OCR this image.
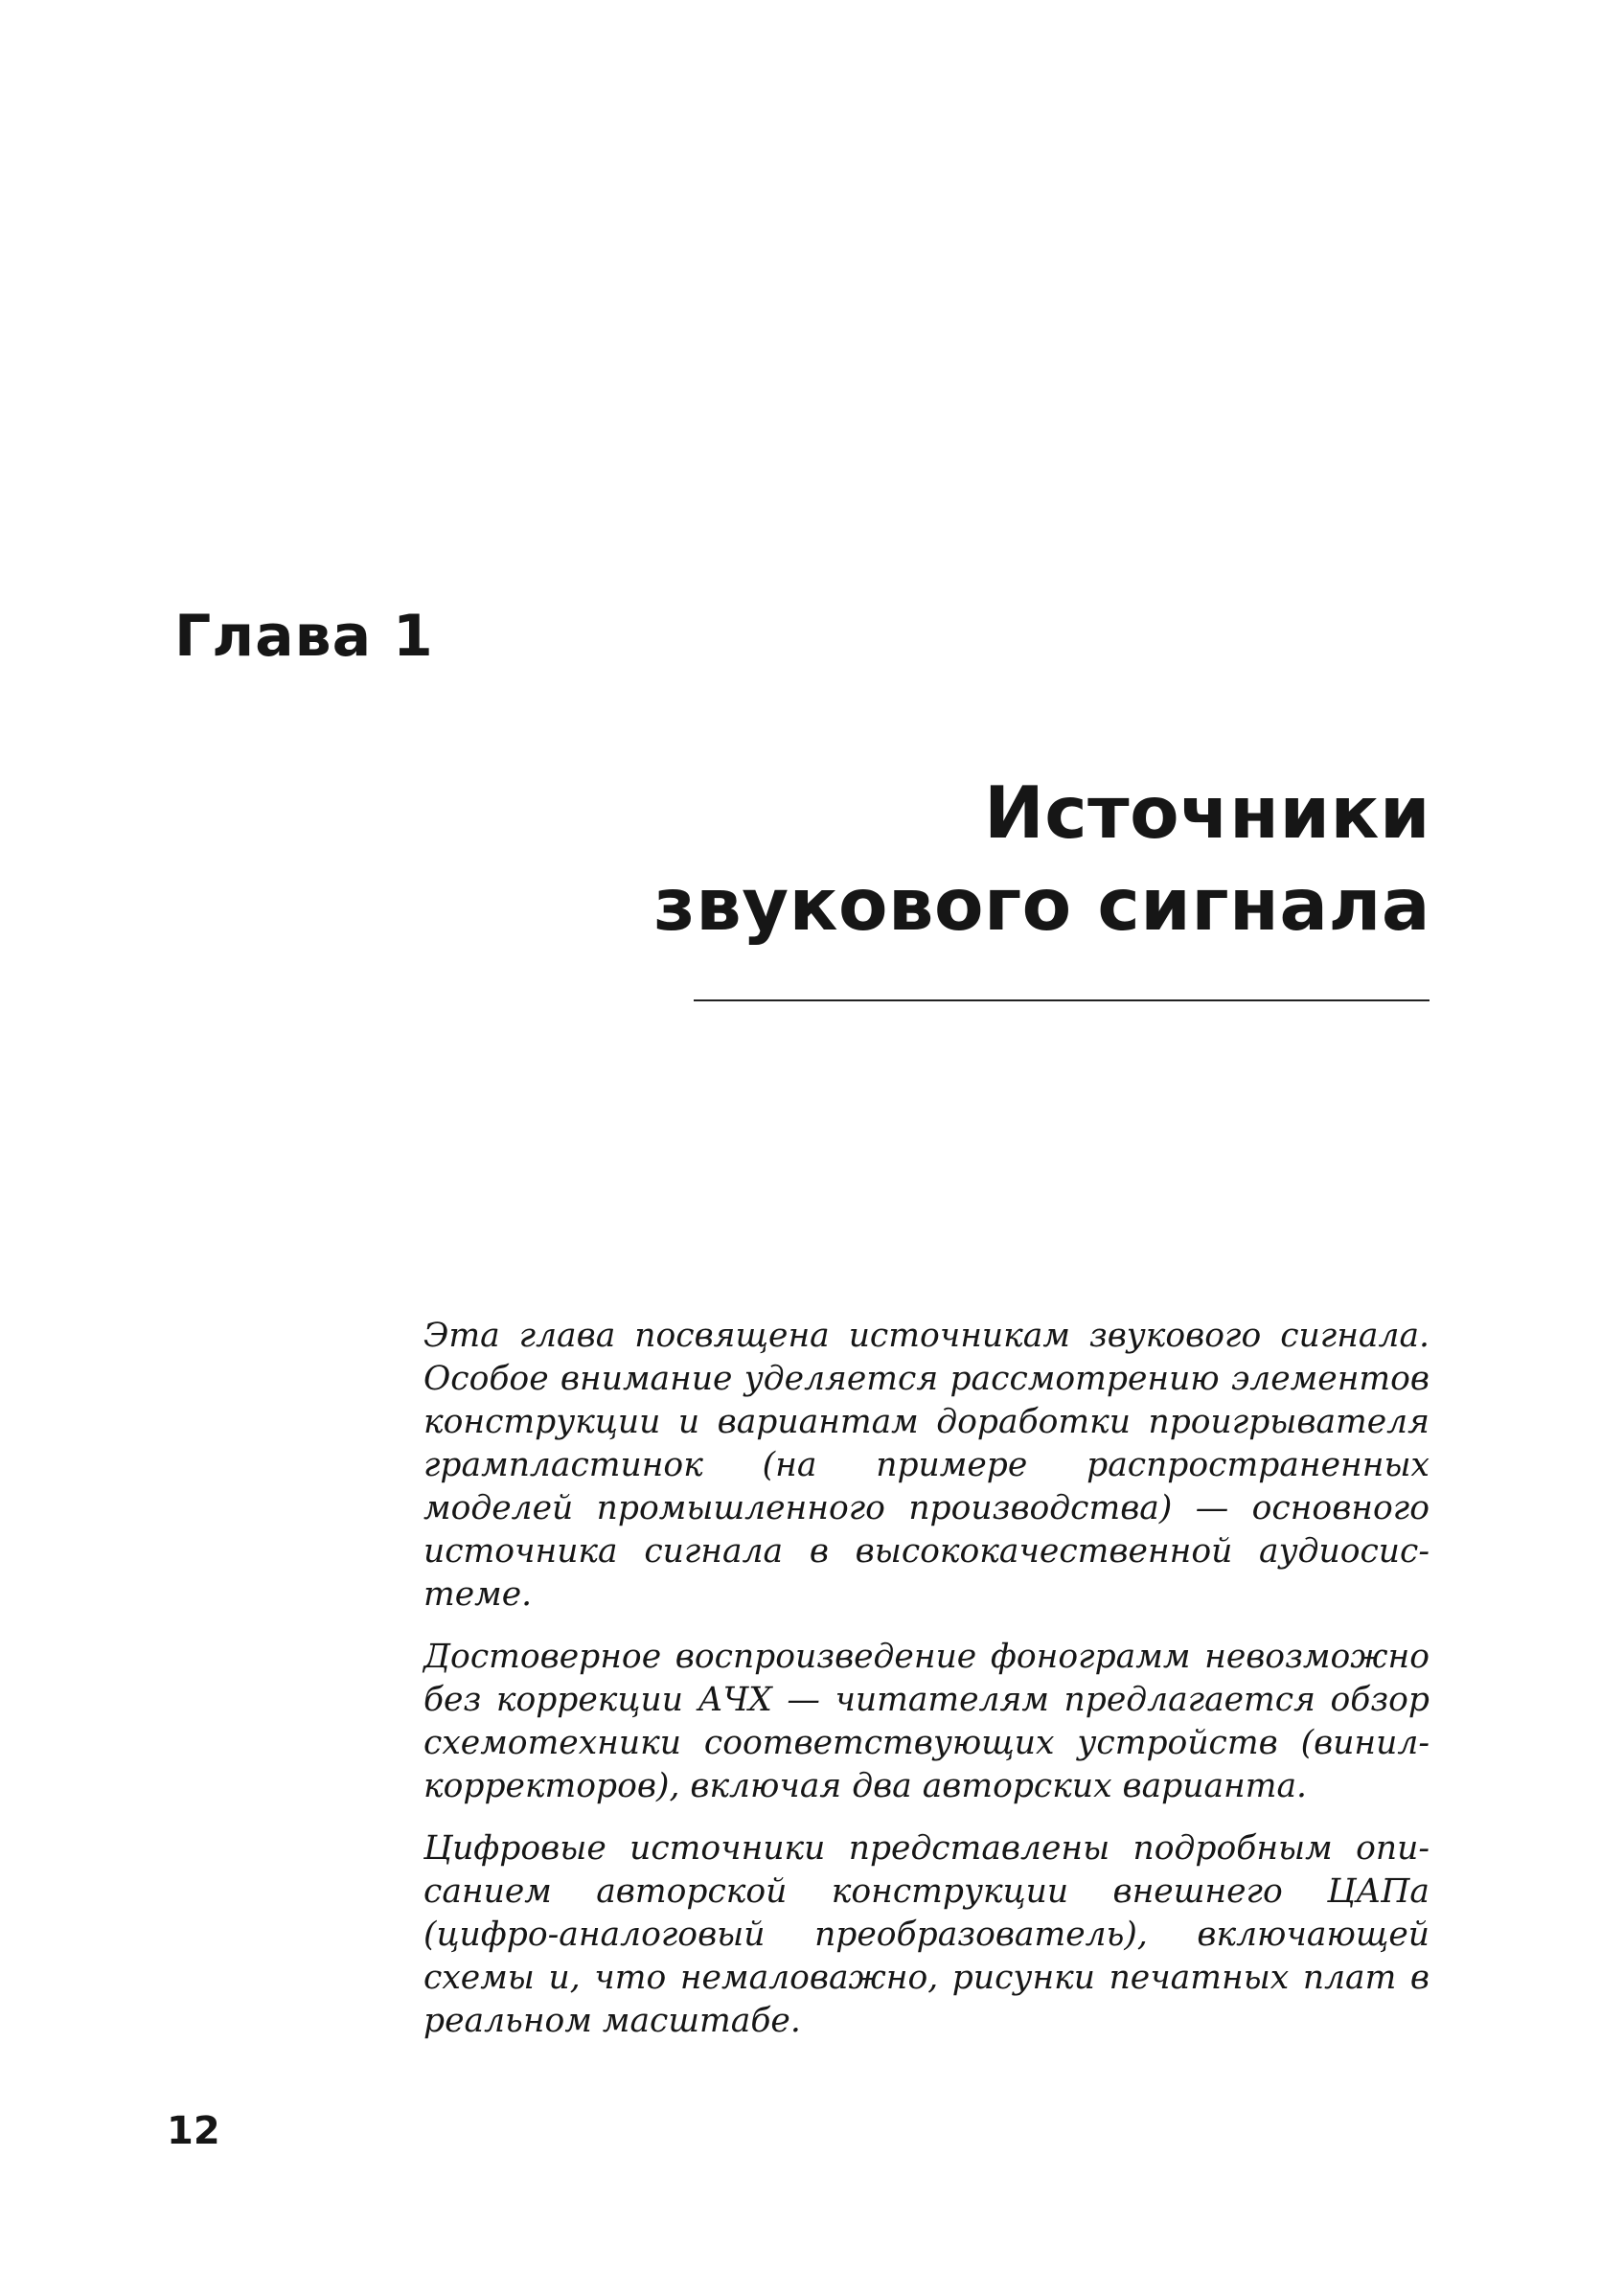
Глава 1
Источники
звукового сигнала

Эта глава посвящена источникам звукового сигнала. Особое внимание уделяется рассмотрению элементов конструкции и вариантам доработки проигрывателя грампластинок (на примере распространенных моделей промышленного производства) — основного источника сигнала в высококачественной аудиосистеме.

Достоверное воспроизведение фонограмм невозможно без коррекции АЧХ — читателям предлагается обзор схемотехники соответствующих устройств (винил-корректоров), включая два авторских варианта.

Цифровые источники представлены подробным описанием авторской конструкции внешнего ЦАПа (цифро-аналоговый преобразователь), включающей схемы и, что немаловажно, рисунки печатных плат в реальном масштабе.

12
